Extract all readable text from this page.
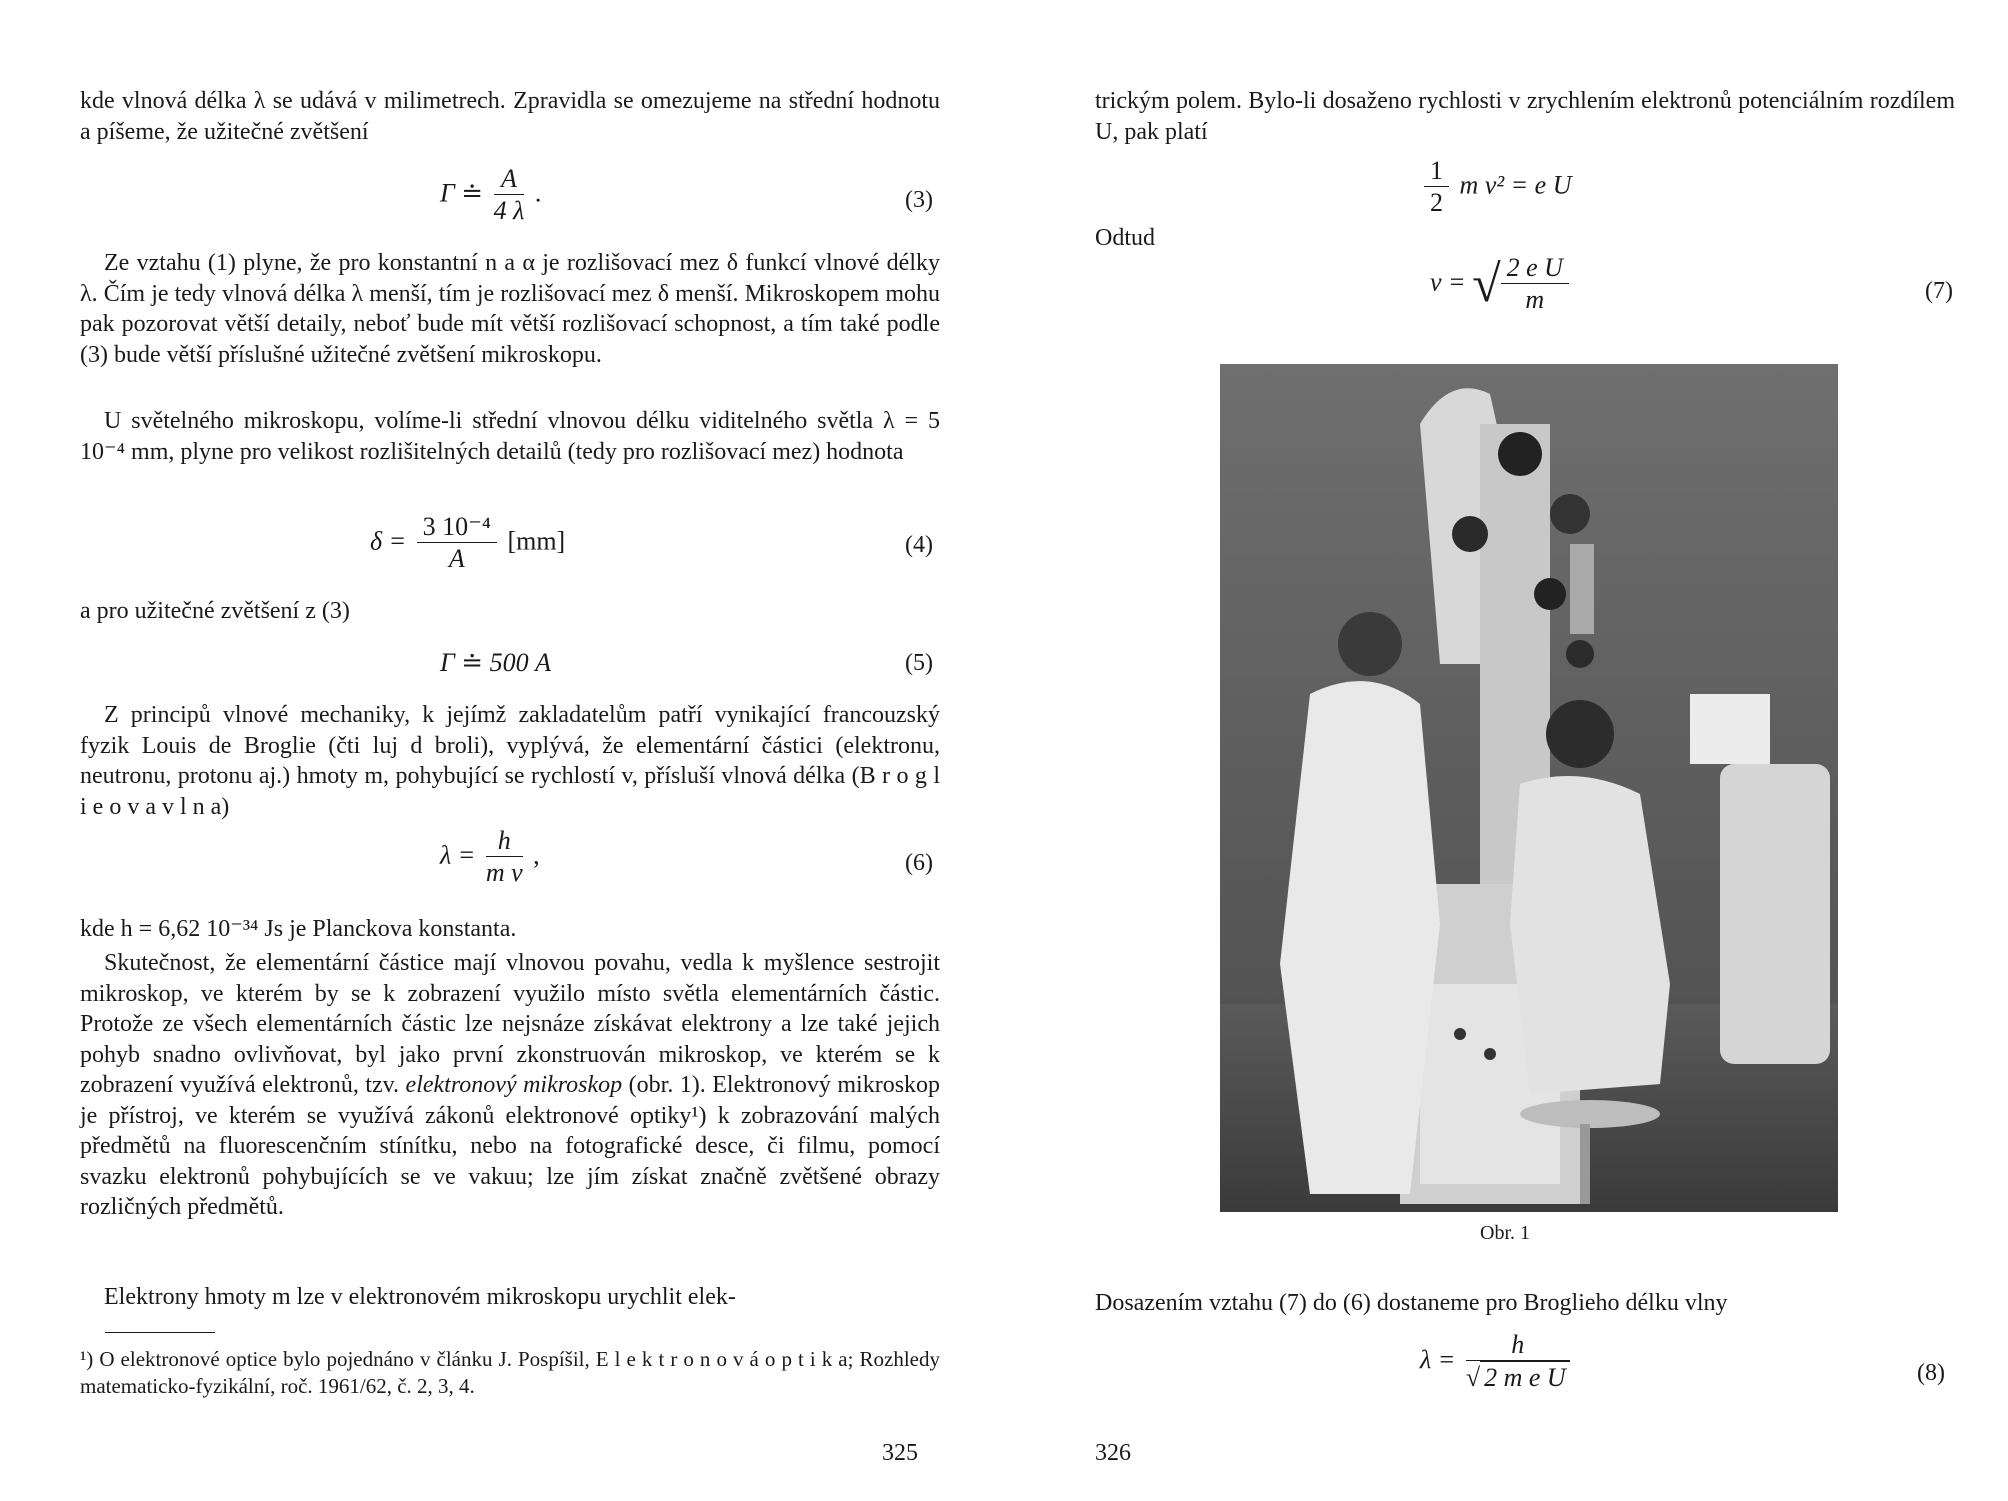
kde vlnová délka λ se udává v milimetrech. Zpravidla se omezujeme na střední hodnotu a píšeme, že užitečné zvětšení

Γ ≐ $\frac{A}{4 \lambda}$ .	(3)

Ze vztahu (1) plyne, že pro konstantní n a α je rozlišovací mez δ funkcí vlnové délky λ. Čím je tedy vlnová délka λ menší, tím je rozlišovací mez δ menší. Mikroskopem mohu pak pozorovat větší detaily, neboť bude mít větší rozlišovací schopnost, a tím také podle (3) bude větší příslušné užitečné zvětšení mikroskopu.

U světelného mikroskopu, volíme-li střední vlnovou délku viditelného světla λ = 5 10⁻⁴ mm, plyne pro velikost rozlišitelných detailů (tedy pro rozlišovací mez) hodnota

$\delta = \frac{\text{3 10⁻⁴}}{A} [mm]$	(4)

a pro užitečné zvětšení z (3)

Γ ≐ 500 A	(5)

Z principů vlnové mechaniky, k jejímž zakladatelům patří vynikající francouzský fyzik Louis de Broglie (čti luj d broli), vyplývá, že elementární částici (elektronu, neutronu, protonu aj.) hmoty m, pohybující se rychlostí v, přísluší vlnová délka (B r o g l i e o v a v l n a)

$\lambda = \frac{h}{\text{m v}}$ ,	(6)

kde h = 6,62 10⁻³⁴ Js je Planckova konstanta.

Skutečnost, že elementární částice mají vlnovou povahu, vedla k myšlence sestrojit mikroskop, ve kterém by se k zobrazení využilo místo světla elementárních částic. Protože ze všech elementárních částic lze nejsnáze získávat elektrony a lze také jejich pohyb snadno ovlivňovat, byl jako první zkonstruován mikroskop, ve kterém se k zobrazení využívá elektronů, tzv. elektronový mikroskop (obr. 1). Elektronový mikroskop je přístroj, ve kterém se využívá zákonů elektronové optiky¹) k zobrazování malých předmětů na fluorescenčním stínítku, nebo na fotografické desce, či filmu, pomocí svazku elektronů pohybujících se ve vakuu; lze jím získat značně zvětšené obrazy rozličných předmětů.

Elektrony hmoty m lze v elektronovém mikroskopu urychlit elek-

¹) O elektronové optice bylo pojednáno v článku J. Pospíšil, E l e k t r o n o v á o p t i k a; Rozhledy matematicko-fyzikální, roč. 1961/62, č. 2, 3, 4.
325

trickým polem. Bylo-li dosaženo rychlosti v zrychlením elektronů potenciálním rozdílem U, pak platí

$\frac{1}{2}$ m v² = e U

Odtud

v = √ $\frac{\text{2 e U}}{m}$	(7)
$\lambda = \frac{h}{\text{√ 2 m e U}}$	(8)

Dosazením vztahu (7) do (6) dostaneme pro Broglieho délku vlny

326
Obr. 1
